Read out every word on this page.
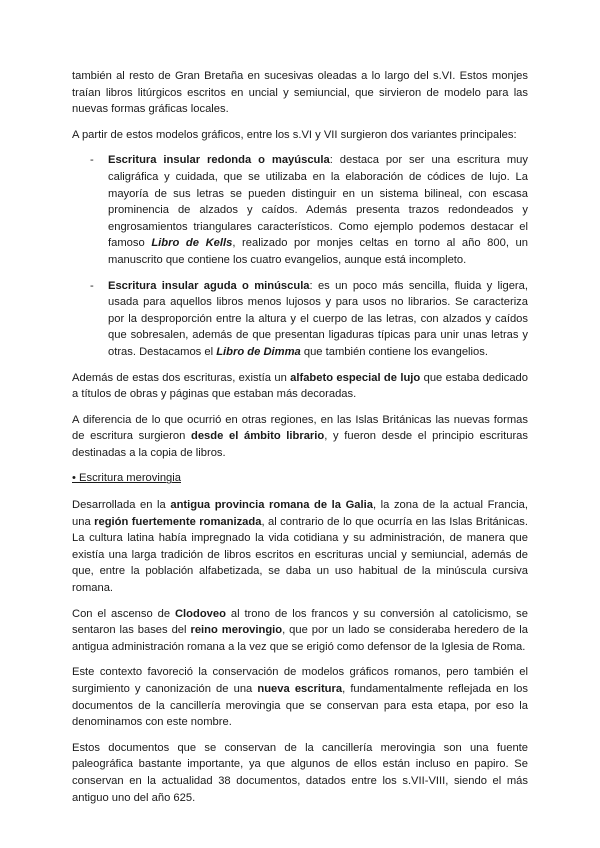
también al resto de Gran Bretaña en sucesivas oleadas a lo largo del s.VI. Estos monjes traían libros litúrgicos escritos en uncial y semiuncial, que sirvieron de modelo para las nuevas formas gráficas locales.

A partir de estos modelos gráficos, entre los s.VI y VII surgieron dos variantes principales:

- Escritura insular redonda o mayúscula: destaca por ser una escritura muy caligráfica y cuidada, que se utilizaba en la elaboración de códices de lujo. La mayoría de sus letras se pueden distinguir en un sistema bilineal, con escasa prominencia de alzados y caídos. Además presenta trazos redondeados y engrosamientos triangulares característicos. Como ejemplo podemos destacar el famoso Libro de Kells, realizado por monjes celtas en torno al año 800, un manuscrito que contiene los cuatro evangelios, aunque está incompleto.
- Escritura insular aguda o minúscula: es un poco más sencilla, fluida y ligera, usada para aquellos libros menos lujosos y para usos no librarios. Se caracteriza por la desproporción entre la altura y el cuerpo de las letras, con alzados y caídos que sobresalen, además de que presentan ligaduras típicas para unir unas letras y otras. Destacamos el Libro de Dimma que también contiene los evangelios.

Además de estas dos escrituras, existía un alfabeto especial de lujo que estaba dedicado a títulos de obras y páginas que estaban más decoradas.

A diferencia de lo que ocurrió en otras regiones, en las Islas Británicas las nuevas formas de escritura surgieron desde el ámbito librario, y fueron desde el principio escrituras destinadas a la copia de libros.

• Escritura merovingia

Desarrollada en la antigua provincia romana de la Galia, la zona de la actual Francia, una región fuertemente romanizada, al contrario de lo que ocurría en las Islas Británicas. La cultura latina había impregnado la vida cotidiana y su administración, de manera que existía una larga tradición de libros escritos en escrituras uncial y semiuncial, además de que, entre la población alfabetizada, se daba un uso habitual de la minúscula cursiva romana.

Con el ascenso de Clodoveo al trono de los francos y su conversión al catolicismo, se sentaron las bases del reino merovingio, que por un lado se consideraba heredero de la antigua administración romana a la vez que se erigió como defensor de la Iglesia de Roma.

Este contexto favoreció la conservación de modelos gráficos romanos, pero también el surgimiento y canonización de una nueva escritura, fundamentalmente reflejada en los documentos de la cancillería merovingia que se conservan para esta etapa, por eso la denominamos con este nombre.

Estos documentos que se conservan de la cancillería merovingia son una fuente paleográfica bastante importante, ya que algunos de ellos están incluso en papiro. Se conservan en la actualidad 38 documentos, datados entre los s.VII-VIII, siendo el más antiguo uno del año 625.
